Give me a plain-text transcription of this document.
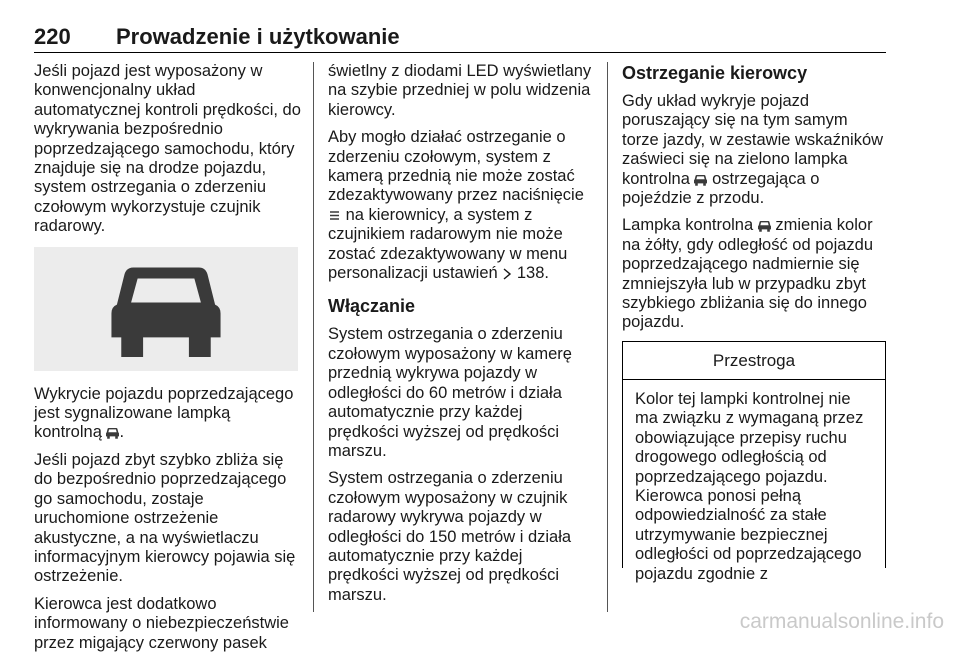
220 Prowadzenie i użytkowanie

Jeśli pojazd jest wyposażony w konwencjonalny układ automatycznej kontroli prędkości, do wykrywania bezpośrednio poprzedzającego samochodu, który znajduje się na drodze pojazdu, system ostrzegania o zderzeniu czołowym wykorzystuje czujnik radarowy.

Wykrycie pojazdu poprzedzającego jest sygnalizowane lampką kontrolną .

Jeśli pojazd zbyt szybko zbliża się do bezpośrednio poprzedzającego go samochodu, zostaje uruchomione ostrzeżenie akustyczne, a na wyświetlaczu informacyjnym kierowcy pojawia się ostrzeżenie.

Kierowca jest dodatkowo informowany o niebezpieczeństwie przez migający czerwony pasek

świetlny z diodami LED wyświetlany na szybie przedniej w polu widzenia kierowcy.

Aby mogło działać ostrzeganie o zderzeniu czołowym, system z kamerą przednią nie może zostać zdezaktywowany przez naciśnięcie  na kierownicy, a system z czujnikiem radarowym nie może zostać zdezaktywowany w menu personalizacji ustawień 138.

Włączanie

System ostrzegania o zderzeniu czołowym wyposażony w kamerę przednią wykrywa pojazdy w odległości do 60 metrów i działa automatycznie przy każdej prędkości wyższej od prędkości marszu.

System ostrzegania o zderzeniu czołowym wyposażony w czujnik radarowy wykrywa pojazdy w odległości do 150 metrów i działa automatycznie przy każdej prędkości wyższej od prędkości marszu.

Ostrzeganie kierowcy

Gdy układ wykryje pojazd poruszający się na tym samym torze jazdy, w zestawie wskaźników zaświeci się na zielono lampka kontrolna ostrzegająca o pojeździe z przodu.

Lampka kontrolna zmienia kolor na żółty, gdy odległość od pojazdu poprzedzającego nadmiernie się zmniejszyła lub w przypadku zbyt szybkiego zbliżania się do innego pojazdu.

Przestroga
Kolor tej lampki kontrolnej nie ma związku z wymaganą przez obowiązujące przepisy ruchu drogowego odległością od poprzedzającego pojazdu. Kierowca ponosi pełną odpowiedzialność za stałe utrzymywanie bezpiecznej odległości od poprzedzającego pojazdu zgodnie z
carmanualsonline.info
